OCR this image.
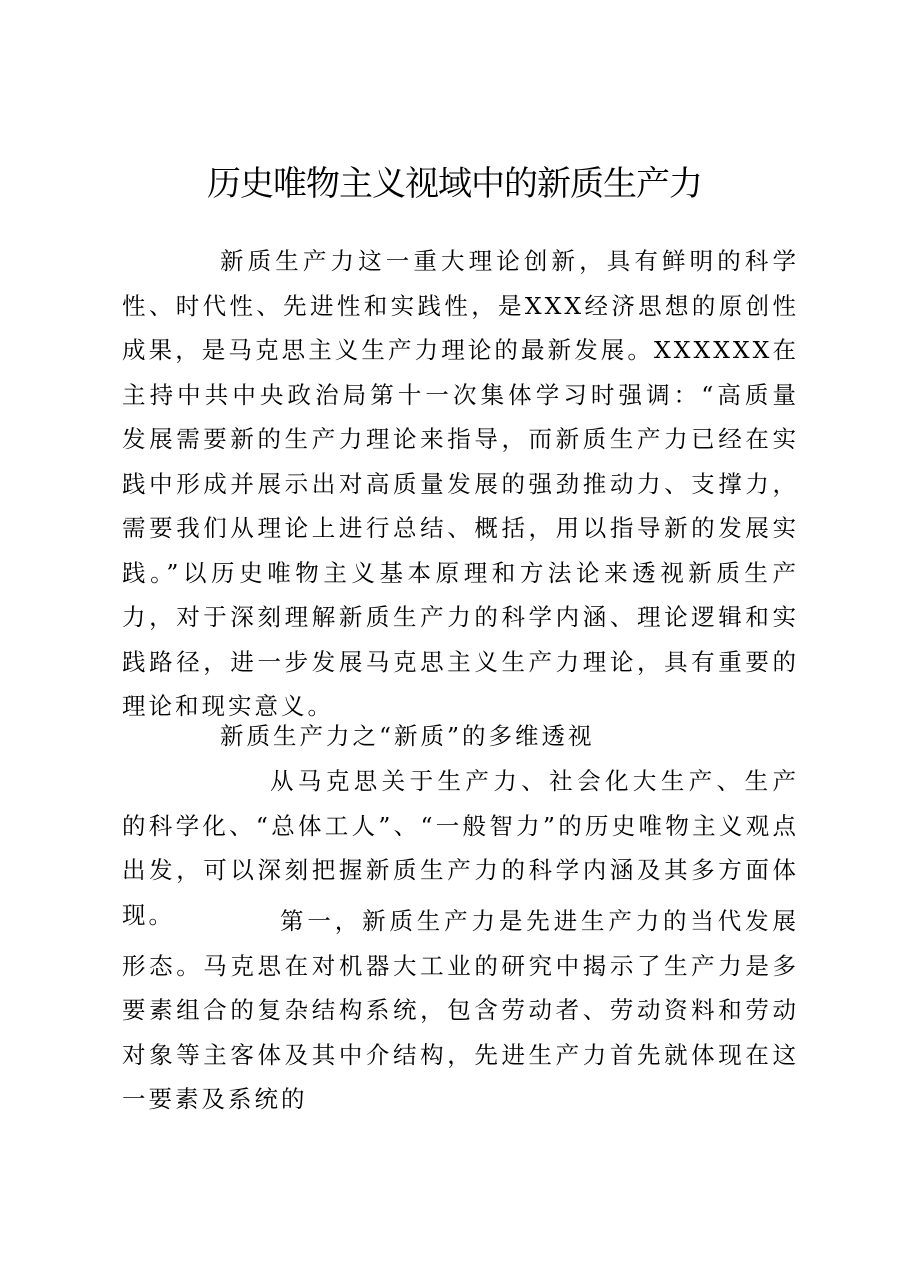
历史唯物主义视域中的新质生产力

新质生产力这一重大理论创新，具有鲜明的科学性、时代性、先进性和实践性，是XXX经济思想的原创性成果，是马克思主义生产力理论的最新发展。XXXXXX在主持中共中央政治局第十一次集体学习时强调：“高质量发展需要新的生产力理论来指导，而新质生产力已经在实践中形成并展示出对高质量发展的强劲推动力、支撑力，需要我们从理论上进行总结、概括，用以指导新的发展实践。”以历史唯物主义基本原理和方法论来透视新质生产力，对于深刻理解新质生产力的科学内涵、理论逻辑和实践路径，进一步发展马克思主义生产力理论，具有重要的理论和现实意义。

新质生产力之“新质”的多维透视

从马克思关于生产力、社会化大生产、生产的科学化、“总体工人”、“一般智力”的历史唯物主义观点出发，可以深刻把握新质生产力的科学内涵及其多方面体现。	第一，新质生产力是先进生产力的当代发展形态。马克思在对机器大工业的研究中揭示了生产力是多要素组合的复杂结构系统，包含劳动者、劳动资料和劳动对象等主客体及其中介结构，先进生产力首先就体现在这一要素及系统的
